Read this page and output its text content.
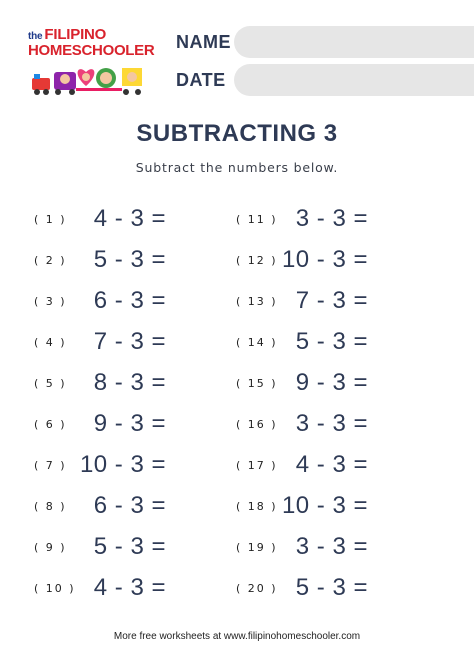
the FILIPINO
HOMESCHOOLER NAME
DATE
SUBTRACTING 3
Subtract the numbers below.
( 1 ) 4 - 3 =
( 2 ) 5 - 3 =
( 3 ) 6 - 3 =
( 4 ) 7 - 3 =
( 5 ) 8 - 3 =
( 6 ) 9 - 3 =
( 7 ) 10 - 3 =
( 8 ) 6 - 3 =
( 9 ) 5 - 3 =
( 10 ) 4 - 3 =
( 11 ) 3 - 3 =
( 12 ) 10 - 3 =
( 13 ) 7 - 3 =
( 14 ) 5 - 3 =
( 15 ) 9 - 3 =
( 16 ) 3 - 3 =
( 17 ) 4 - 3 =
( 18 ) 10 - 3 =
( 19 ) 3 - 3 =
( 20 ) 5 - 3 =
More free worksheets at www.filipinohomeschooler.com
